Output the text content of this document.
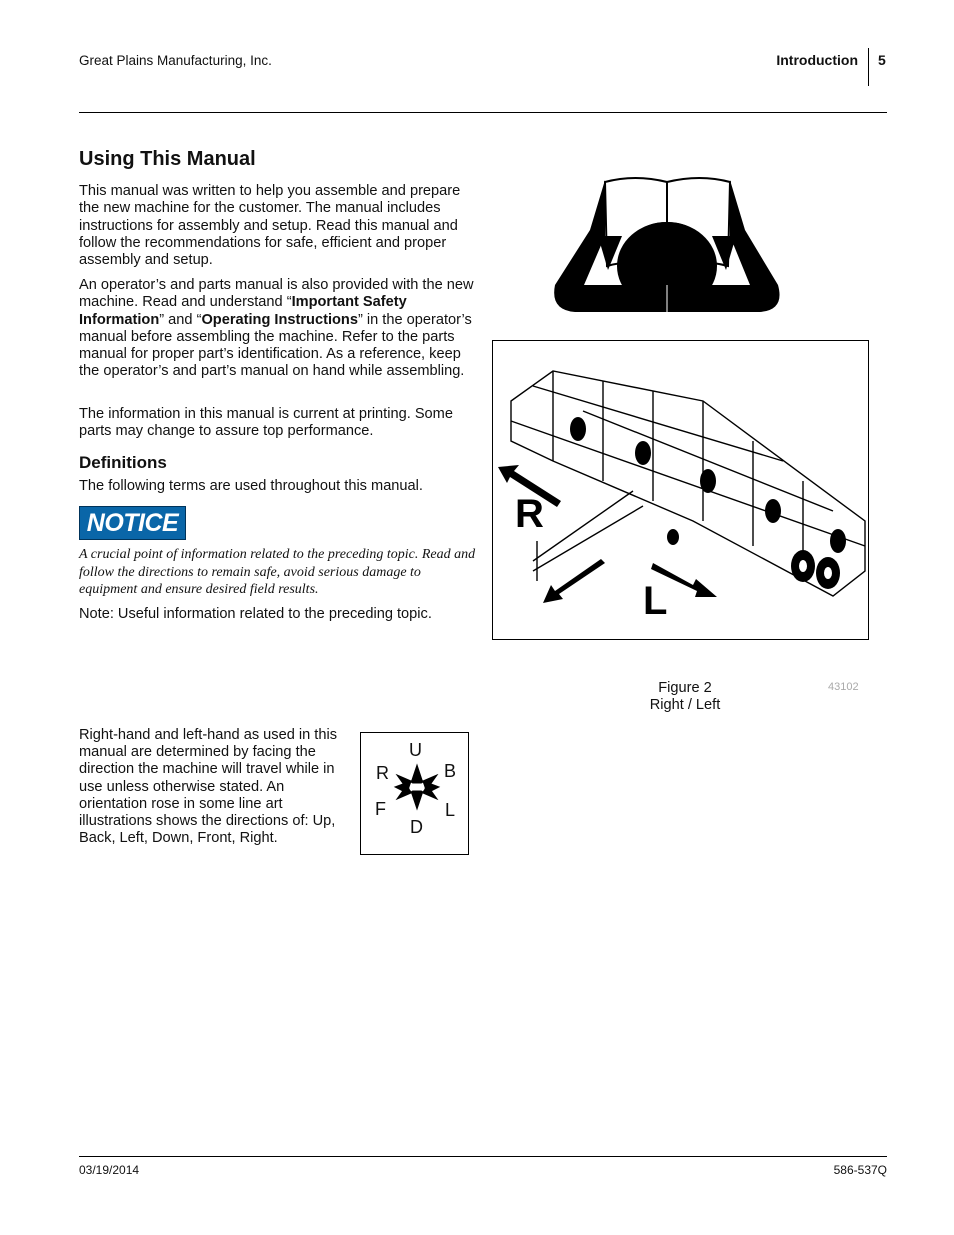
Great Plains Manufacturing, Inc.	Introduction 5
Using This Manual

This manual was written to help you assemble and prepare the new machine for the customer. The manual includes instructions for assembly and setup. Read this manual and follow the recommendations for safe, efficient and proper assembly and setup.

An operator’s and parts manual is also provided with the new machine. Read and understand “Important Safety Information” and “Operating Instructions” in the operator’s manual before assembling the machine. Refer to the parts manual for proper part’s identification. As a reference, keep the operator’s and part’s manual on hand while assembling.

The information in this manual is current at printing. Some parts may change to assure top performance.

Definitions

The following terms are used throughout this manual.

NOTICE

A crucial point of information related to the preceding topic. Read and follow the directions to remain safe, avoid serious damage to equipment and ensure desired field results.

Note: Useful information related to the preceding topic.

Right-hand and left-hand as used in this manual are determined by facing the direction the machine will travel while in use unless otherwise stated. An orientation rose in some line art illustrations shows the directions of: Up, Back, Left, Down, Front, Right.

U
R	B
F	L
D
R
L
Figure 2
Right / Left
43102
03/19/2014	586-537Q
